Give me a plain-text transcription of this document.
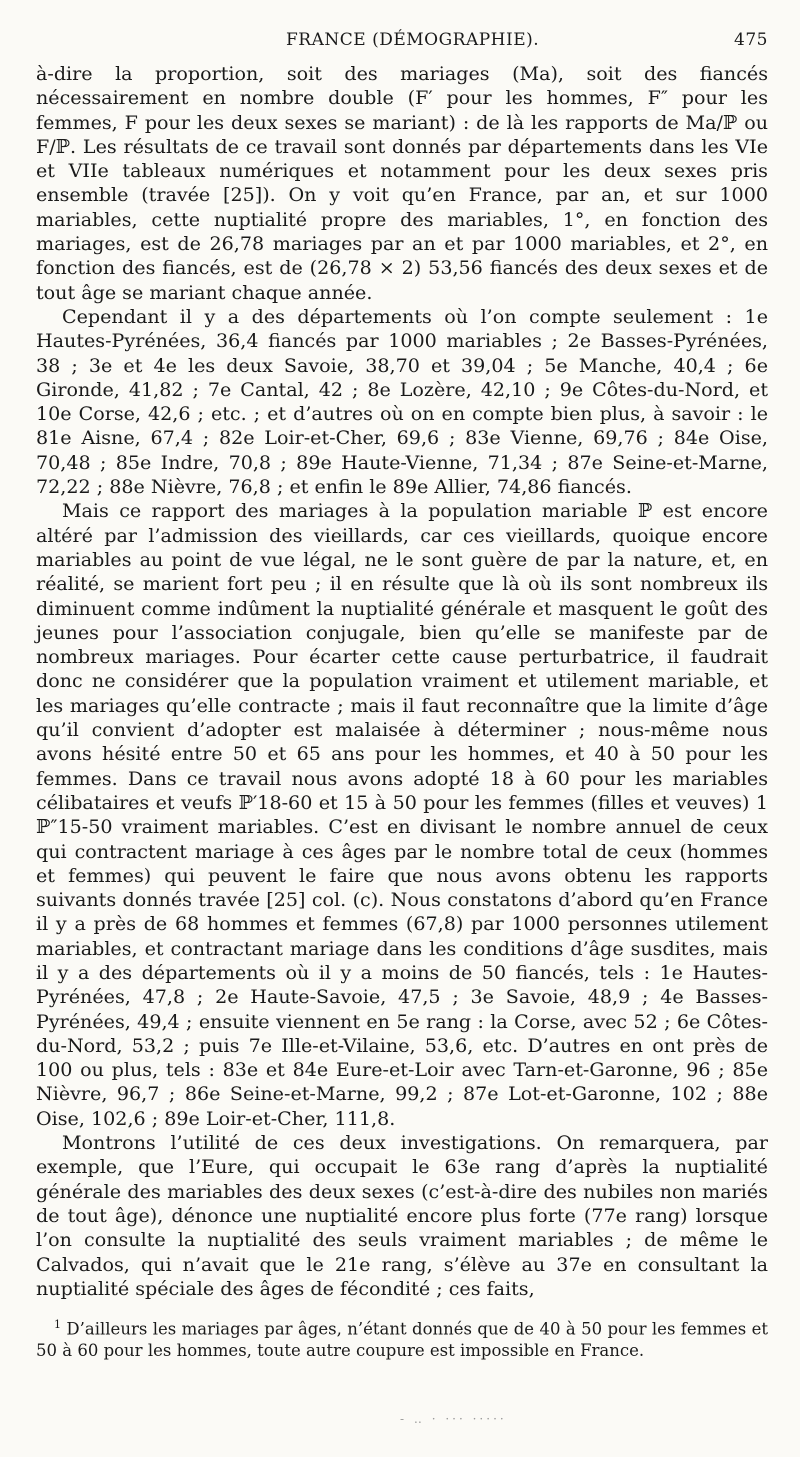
FRANCE (DÉMOGRAPHIE).	475

à-dire la proportion, soit des mariages (Ma), soit des fiancés nécessairement en nombre double (F′ pour les hommes, F″ pour les femmes, F pour les deux sexes se mariant) : de là les rapports de Ma/ℙ ou F/ℙ. Les résultats de ce travail sont donnés par départements dans les VIe et VIIe tableaux numériques et notamment pour les deux sexes pris ensemble (travée [25]). On y voit qu’en France, par an, et sur 1000 mariables, cette nuptialité propre des mariables, 1°, en fonction des mariages, est de 26,78 mariages par an et par 1000 mariables, et 2°, en fonction des fiancés, est de (26,78 × 2) 53,56 fiancés des deux sexes et de tout âge se mariant chaque année.

Cependant il y a des départements où l’on compte seulement : 1e Hautes-Pyrénées, 36,4 fiancés par 1000 mariables ; 2e Basses-Pyrénées, 38 ; 3e et 4e les deux Savoie, 38,70 et 39,04 ; 5e Manche, 40,4 ; 6e Gironde, 41,82 ; 7e Cantal, 42 ; 8e Lozère, 42,10 ; 9e Côtes-du-Nord, et 10e Corse, 42,6 ; etc. ; et d’autres où on en compte bien plus, à savoir : le 81e Aisne, 67,4 ; 82e Loir-et-Cher, 69,6 ; 83e Vienne, 69,76 ; 84e Oise, 70,48 ; 85e Indre, 70,8 ; 89e Haute-Vienne, 71,34 ; 87e Seine-et-Marne, 72,22 ; 88e Nièvre, 76,8 ; et enfin le 89e Allier, 74,86 fiancés.

Mais ce rapport des mariages à la population mariable ℙ est encore altéré par l’admission des vieillards, car ces vieillards, quoique encore mariables au point de vue légal, ne le sont guère de par la nature, et, en réalité, se marient fort peu ; il en résulte que là où ils sont nombreux ils diminuent comme indûment la nuptialité générale et masquent le goût des jeunes pour l’association conjugale, bien qu’elle se manifeste par de nombreux mariages. Pour écarter cette cause perturbatrice, il faudrait donc ne considérer que la population vraiment et utilement mariable, et les mariages qu’elle contracte ; mais il faut reconnaître que la limite d’âge qu’il convient d’adopter est malaisée à déterminer ; nous-même nous avons hésité entre 50 et 65 ans pour les hommes, et 40 à 50 pour les femmes. Dans ce travail nous avons adopté 18 à 60 pour les mariables célibataires et veufs ℙ′18-60 et 15 à 50 pour les femmes (filles et veuves) 1 ℙ″15-50 vraiment mariables. C’est en divisant le nombre annuel de ceux qui contractent mariage à ces âges par le nombre total de ceux (hommes et femmes) qui peuvent le faire que nous avons obtenu les rapports suivants donnés travée [25] col. (c). Nous constatons d’abord qu’en France il y a près de 68 hommes et femmes (67,8) par 1000 personnes utilement mariables, et contractant mariage dans les conditions d’âge susdites, mais il y a des départements où il y a moins de 50 fiancés, tels : 1e Hautes-Pyrénées, 47,8 ; 2e Haute-Savoie, 47,5 ; 3e Savoie, 48,9 ; 4e Basses-Pyrénées, 49,4 ; ensuite viennent en 5e rang : la Corse, avec 52 ; 6e Côtes-du-Nord, 53,2 ; puis 7e Ille-et-Vilaine, 53,6, etc. D’autres en ont près de 100 ou plus, tels : 83e et 84e Eure-et-Loir avec Tarn-et-Garonne, 96 ; 85e Nièvre, 96,7 ; 86e Seine-et-Marne, 99,2 ; 87e Lot-et-Garonne, 102 ; 88e Oise, 102,6 ; 89e Loir-et-Cher, 111,8.

Montrons l’utilité de ces deux investigations. On remarquera, par exemple, que l’Eure, qui occupait le 63e rang d’après la nuptialité générale des mariables des deux sexes (c’est-à-dire des nubiles non mariés de tout âge), dénonce une nuptialité encore plus forte (77e rang) lorsque l’on consulte la nuptialité des seuls vraiment mariables ; de même le Calvados, qui n’avait que le 21e rang, s’élève au 37e en consultant la nuptialité spéciale des âges de fécondité ; ces faits,

$^1$ D’ailleurs les mariages par âges, n’étant donnés que de 40 à 50 pour les femmes et 50 à 60 pour les hommes, toute autre coupure est impossible en France.
- ‥ · ··· ·····
